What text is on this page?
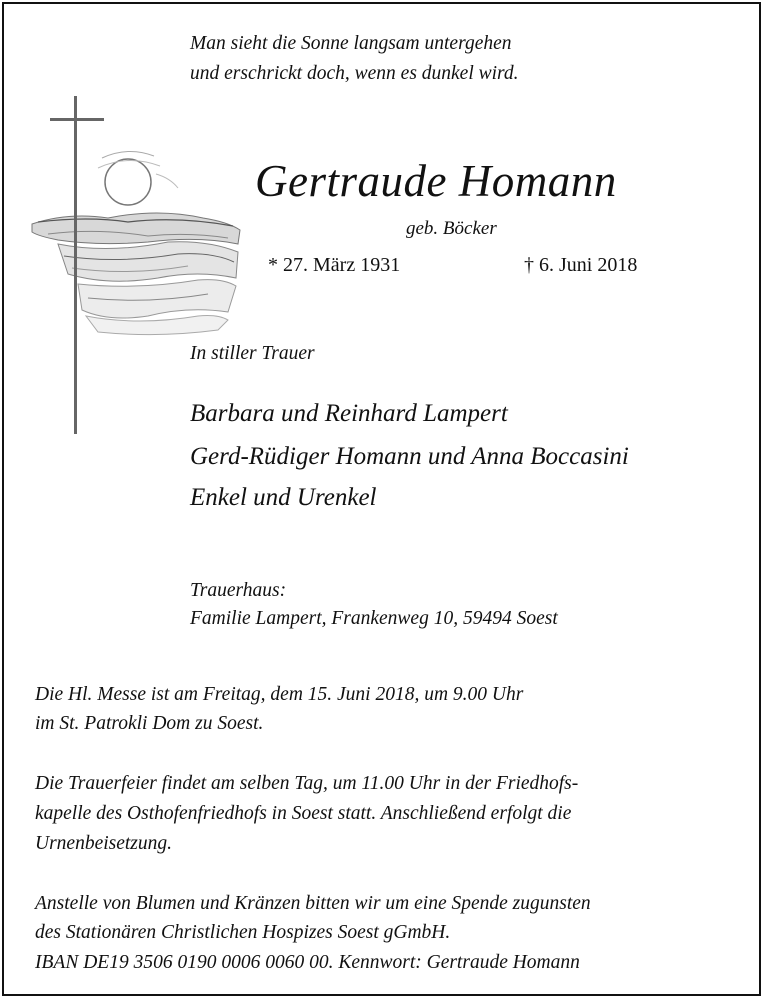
Man sieht die Sonne langsam untergehen
und erschrickt doch, wenn es dunkel wird.
Gertraude Homann
geb. Böcker
* 27. März 1931	† 6. Juni 2018
In stiller Trauer
Barbara und Reinhard Lampert
Gerd-Rüdiger Homann und Anna Boccasini
Enkel und Urenkel
Trauerhaus:
Familie Lampert, Frankenweg 10, 59494 Soest
Die Hl. Messe ist am Freitag, dem 15. Juni 2018, um 9.00 Uhr
im St. Patrokli Dom zu Soest.
Die Trauerfeier findet am selben Tag, um 11.00 Uhr in der Friedhofs-
kapelle des Osthofenfriedhofs in Soest statt. Anschließend erfolgt die
Urnenbeisetzung.
Anstelle von Blumen und Kränzen bitten wir um eine Spende zugunsten
des Stationären Christlichen Hospizes Soest gGmbH.
IBAN DE19 3506 0190 0006 0060 00. Kennwort: Gertraude Homann
